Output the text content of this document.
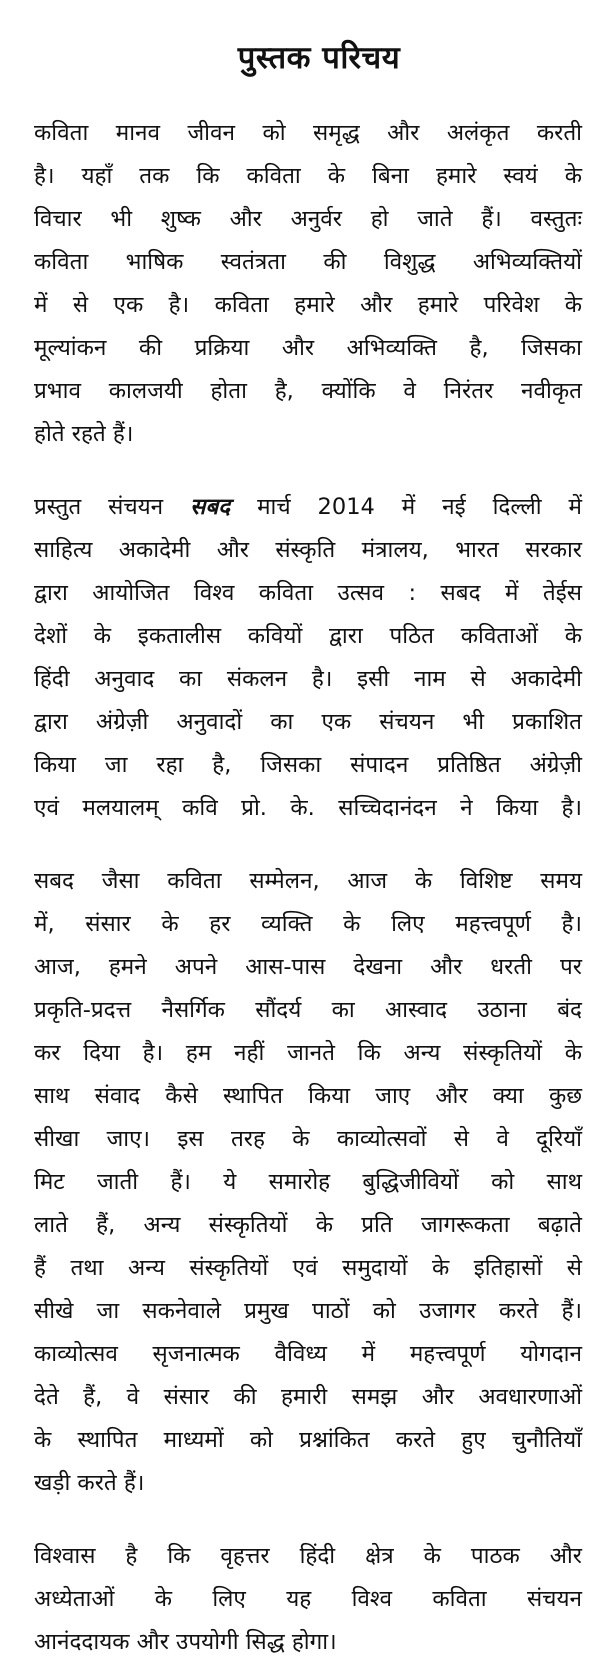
पुस्तक परिचय
कविता मानव जीवन को समृद्ध और अलंकृत करती
है। यहाँ तक कि कविता के बिना हमारे स्वयं के
विचार भी शुष्क और अनुर्वर हो जाते हैं। वस्तुतः
कविता भाषिक स्वतंत्रता की विशुद्ध अभिव्यक्तियों
में से एक है। कविता हमारे और हमारे परिवेश के
मूल्यांकन की प्रक्रिया और अभिव्यक्ति है, जिसका
प्रभाव कालजयी होता है, क्योंकि वे निरंतर नवीकृत
होते रहते हैं।
प्रस्तुत संचयन सबद मार्च 2014 में नई दिल्ली में
साहित्य अकादेमी और संस्कृति मंत्रालय, भारत सरकार
द्वारा आयोजित विश्व कविता उत्सव : सबद में तेईस
देशों के इकतालीस कवियों द्वारा पठित कविताओं के
हिंदी अनुवाद का संकलन है। इसी नाम से अकादेमी
द्वारा अंग्रेज़ी अनुवादों का एक संचयन भी प्रकाशित
किया जा रहा है, जिसका संपादन प्रतिष्ठित अंग्रेज़ी
एवं मलयालम् कवि प्रो. के. सच्चिदानंदन ने किया है।
सबद जैसा कविता सम्मेलन, आज के विशिष्ट समय
में, संसार के हर व्यक्ति के लिए महत्त्वपूर्ण है।
आज, हमने अपने आस-पास देखना और धरती पर
प्रकृति-प्रदत्त नैसर्गिक सौंदर्य का आस्वाद उठाना बंद
कर दिया है। हम नहीं जानते कि अन्य संस्कृतियों के
साथ संवाद कैसे स्थापित किया जाए और क्या कुछ
सीखा जाए। इस तरह के काव्योत्सवों से वे दूरियाँ
मिट जाती हैं। ये समारोह बुद्धिजीवियों को साथ
लाते हैं, अन्य संस्कृतियों के प्रति जागरूकता बढ़ाते
हैं तथा अन्य संस्कृतियों एवं समुदायों के इतिहासों से
सीखे जा सकनेवाले प्रमुख पाठों को उजागर करते हैं।
काव्योत्सव सृजनात्मक वैविध्य में महत्त्वपूर्ण योगदान
देते हैं, वे संसार की हमारी समझ और अवधारणाओं
के स्थापित माध्यमों को प्रश्नांकित करते हुए चुनौतियाँ
खड़ी करते हैं।
विश्वास है कि वृहत्तर हिंदी क्षेत्र के पाठक और
अध्येताओं के लिए यह विश्व कविता संचयन
आनंददायक और उपयोगी सिद्ध होगा।
